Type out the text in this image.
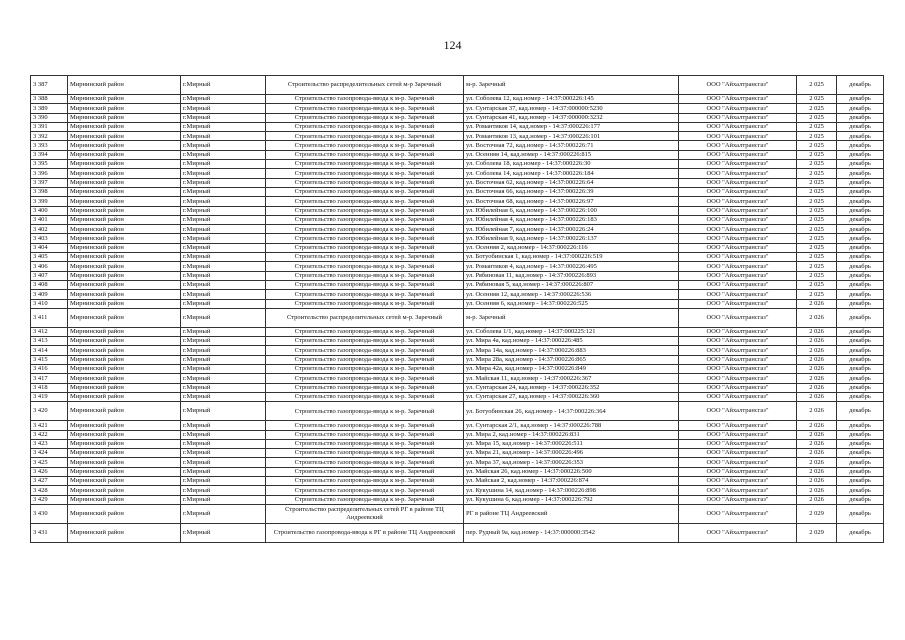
124
3 387	Мирнинский район	г.Мирный	Строительство распределительных сетей м-р Заречный	м-р. Заречный	ООО "Айхалтрансгаз"	2 025	декабрь
3 388	Мирнинский район	г.Мирный	Строительство газопровода-ввода к м-р. Заречный	ул. Соболева 12, кад.номер - 14:37:000226:145	ООО "Айхалтрансгаз"	2 025	декабрь
3 389	Мирнинский район	г.Мирный	Строительство газопровода-ввода к м-р. Заречный	ул. Сунтарская 37, кад.номер - 14:37:000000:5230	ООО "Айхалтрансгаз"	2 025	декабрь
3 390	Мирнинский район	г.Мирный	Строительство газопровода-ввода к м-р. Заречный	ул. Сунтарская 41, кад.номер - 14:37:000000:3232	ООО "Айхалтрансгаз"	2 025	декабрь
3 391	Мирнинский район	г.Мирный	Строительство газопровода-ввода к м-р. Заречный	ул. Романтиков 14, кад.номер - 14:37:000226:177	ООО "Айхалтрансгаз"	2 025	декабрь
3 392	Мирнинский район	г.Мирный	Строительство газопровода-ввода к м-р. Заречный	ул. Романтиков 13, кад.номер - 14:37:000226:101	ООО "Айхалтрансгаз"	2 025	декабрь
3 393	Мирнинский район	г.Мирный	Строительство газопровода-ввода к м-р. Заречный	ул. Восточная 72, кад.номер - 14:37:000226:71	ООО "Айхалтрансгаз"	2 025	декабрь
3 394	Мирнинский район	г.Мирный	Строительство газопровода-ввода к м-р. Заречный	ул. Осенняя 14, кад.номер - 14:37:000226:815	ООО "Айхалтрансгаз"	2 025	декабрь
3 395	Мирнинский район	г.Мирный	Строительство газопровода-ввода к м-р. Заречный	ул. Соболева 18, кад.номер - 14:37:000226:30	ООО "Айхалтрансгаз"	2 025	декабрь
3 396	Мирнинский район	г.Мирный	Строительство газопровода-ввода к м-р. Заречный	ул. Соболева 14, кад.номер - 14:37:000226:184	ООО "Айхалтрансгаз"	2 025	декабрь
3 397	Мирнинский район	г.Мирный	Строительство газопровода-ввода к м-р. Заречный	ул. Восточная 62, кад.номер - 14:37:000226:64	ООО "Айхалтрансгаз"	2 025	декабрь
3 398	Мирнинский район	г.Мирный	Строительство газопровода-ввода к м-р. Заречный	ул. Восточная 66, кад.номер - 14:37:000226:39	ООО "Айхалтрансгаз"	2 025	декабрь
3 399	Мирнинский район	г.Мирный	Строительство газопровода-ввода к м-р. Заречный	ул. Восточная 68, кад.номер - 14:37:000226:97	ООО "Айхалтрансгаз"	2 025	декабрь
3 400	Мирнинский район	г.Мирный	Строительство газопровода-ввода к м-р. Заречный	ул. Юбилейная 6, кад.номер - 14:37:000226:100	ООО "Айхалтрансгаз"	2 025	декабрь
3 401	Мирнинский район	г.Мирный	Строительство газопровода-ввода к м-р. Заречный	ул. Юбилейная 4, кад.номер - 14:37:000226:183	ООО "Айхалтрансгаз"	2 025	декабрь
3 402	Мирнинский район	г.Мирный	Строительство газопровода-ввода к м-р. Заречный	ул. Юбилейная 7, кад.номер - 14:37:000226:24	ООО "Айхалтрансгаз"	2 025	декабрь
3 403	Мирнинский район	г.Мирный	Строительство газопровода-ввода к м-р. Заречный	ул. Юбилейная 9, кад.номер - 14:37:000226:137	ООО "Айхалтрансгаз"	2 025	декабрь
3 404	Мирнинский район	г.Мирный	Строительство газопровода-ввода к м-р. Заречный	ул. Осенняя 2, кад.номер - 14:37:000226:116	ООО "Айхалтрансгаз"	2 025	декабрь
3 405	Мирнинский район	г.Мирный	Строительство газопровода-ввода к м-р. Заречный	ул. Ботуобинская 1, кад.номер - 14:37:000226:519	ООО "Айхалтрансгаз"	2 025	декабрь
3 406	Мирнинский район	г.Мирный	Строительство газопровода-ввода к м-р. Заречный	ул. Романтиков 4, кад.номер - 14:37:000226:495	ООО "Айхалтрансгаз"	2 025	декабрь
3 407	Мирнинский район	г.Мирный	Строительство газопровода-ввода к м-р. Заречный	ул. Рябиновая 11, кад.номер - 14:37:000226:893	ООО "Айхалтрансгаз"	2 025	декабрь
3 408	Мирнинский район	г.Мирный	Строительство газопровода-ввода к м-р. Заречный	ул. Рябиновая 5, кад.номер - 14:37:000226:807	ООО "Айхалтрансгаз"	2 025	декабрь
3 409	Мирнинский район	г.Мирный	Строительство газопровода-ввода к м-р. Заречный	ул. Осенняя 12, кад.номер - 14:37:000226:536	ООО "Айхалтрансгаз"	2 025	декабрь
3 410	Мирнинский район	г.Мирный	Строительство газопровода-ввода к м-р. Заречный	ул. Осенняя 6, кад.номер - 14:37:000226:525	ООО "Айхалтрансгаз"	2 026	декабрь
3 411	Мирнинский район	г.Мирный	Строительство распределительных сетей м-р. Заречный	м-р. Заречный	ООО "Айхалтрансгаз"	2 026	декабрь
3 412	Мирнинский район	г.Мирный	Строительство газопровода-ввода к м-р. Заречный	ул. Соболева 1/1, кад.номер - 14:37:000225:121	ООО "Айхалтрансгаз"	2 026	декабрь
3 413	Мирнинский район	г.Мирный	Строительство газопровода-ввода к м-р. Заречный	ул. Мира 4а, кад.номер - 14:37:000226:485	ООО "Айхалтрансгаз"	2 026	декабрь
3 414	Мирнинский район	г.Мирный	Строительство газопровода-ввода к м-р. Заречный	ул. Мира 14а, кад.номер - 14:37:000226:883	ООО "Айхалтрансгаз"	2 026	декабрь
3 415	Мирнинский район	г.Мирный	Строительство газопровода-ввода к м-р. Заречный	ул. Мира 28а, кад.номер - 14:37:000226:865	ООО "Айхалтрансгаз"	2 026	декабрь
3 416	Мирнинский район	г.Мирный	Строительство газопровода-ввода к м-р. Заречный	ул. Мира 42а, кад.номер - 14:37:000226:849	ООО "Айхалтрансгаз"	2 026	декабрь
3 417	Мирнинский район	г.Мирный	Строительство газопровода-ввода к м-р. Заречный	ул. Майская 11, кад.номер - 14:37:000226:367	ООО "Айхалтрансгаз"	2 026	декабрь
3 418	Мирнинский район	г.Мирный	Строительство газопровода-ввода к м-р. Заречный	ул. Сунтарская 24, кад.номер - 14:37:000226:352	ООО "Айхалтрансгаз"	2 026	декабрь
3 419	Мирнинский район	г.Мирный	Строительство газопровода-ввода к м-р. Заречный	ул. Сунтарская 27, кад.номер - 14:37:000226:360	ООО "Айхалтрансгаз"	2 026	декабрь
3 420	Мирнинский район	г.Мирный	Строительство газопровода-ввода к м-р. Заречный	ул. Ботуобинская 26, кад.номер - 14:37:000226:364	ООО "Айхалтрансгаз"	2 026	декабрь
3 421	Мирнинский район	г.Мирный	Строительство газопровода-ввода к м-р. Заречный	ул. Сунтарская 2/1, кад.номер - 14:37:000226:788	ООО "Айхалтрансгаз"	2 026	декабрь
3 422	Мирнинский район	г.Мирный	Строительство газопровода-ввода к м-р. Заречный	ул. Мира 2, кад.номер - 14:37:000226:831	ООО "Айхалтрансгаз"	2 026	декабрь
3 423	Мирнинский район	г.Мирный	Строительство газопровода-ввода к м-р. Заречный	ул. Мира 15, кад.номер - 14:37:000226:511	ООО "Айхалтрансгаз"	2 026	декабрь
3 424	Мирнинский район	г.Мирный	Строительство газопровода-ввода к м-р. Заречный	ул. Мира 21, кад.номер - 14:37:000226:496	ООО "Айхалтрансгаз"	2 026	декабрь
3 425	Мирнинский район	г.Мирный	Строительство газопровода-ввода к м-р. Заречный	ул. Мира 37, кад.номер - 14:37:000226:353	ООО "Айхалтрансгаз"	2 026	декабрь
3 426	Мирнинский район	г.Мирный	Строительство газопровода-ввода к м-р. Заречный	ул. Майская 26, кад.номер - 14:37:000226:500	ООО "Айхалтрансгаз"	2 026	декабрь
3 427	Мирнинский район	г.Мирный	Строительство газопровода-ввода к м-р. Заречный	ул. Майская 2, кад.номер - 14:37:000226:874	ООО "Айхалтрансгаз"	2 026	декабрь
3 428	Мирнинский район	г.Мирный	Строительство газопровода-ввода к м-р. Заречный	ул. Кукушина 14, кад.номер - 14:37:000226:898	ООО "Айхалтрансгаз"	2 026	декабрь
3 429	Мирнинский район	г.Мирный	Строительство газопровода-ввода к м-р. Заречный	ул. Кукушина 6, кад.номер - 14:37:000226:792	ООО "Айхалтрансгаз"	2 026	декабрь
3 430	Мирнинский район	г.Мирный	Строительство распределительных сетей РГ в районе ТЦ Андреевский	РГ в районе ТЦ Андреевский	ООО "Айхалтрансгаз"	2 029	декабрь
3 431	Мирнинский район	г.Мирный	Строительство газопровода-ввода к РГ в районе ТЦ Андреевский	пер. Рудный 9а, кад.номер - 14:37:000000:3542	ООО "Айхалтрансгаз"	2 029	декабрь
